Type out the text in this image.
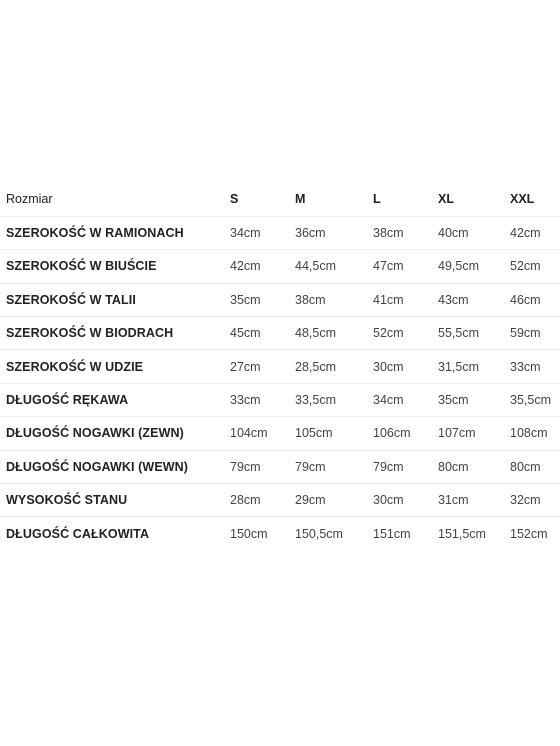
Rozmiar	S	M	L	XL	XXL
SZEROKOŚĆ W RAMIONACH	34cm	36cm	38cm	40cm	42cm
SZEROKOŚĆ W BIUŚCIE	42cm	44,5cm	47cm	49,5cm	52cm
SZEROKOŚĆ W TALII	35cm	38cm	41cm	43cm	46cm
SZEROKOŚĆ W BIODRACH	45cm	48,5cm	52cm	55,5cm	59cm
SZEROKOŚĆ W UDZIE	27cm	28,5cm	30cm	31,5cm	33cm
DŁUGOŚĆ RĘKAWA	33cm	33,5cm	34cm	35cm	35,5cm
DŁUGOŚĆ NOGAWKI (ZEWN)	104cm	105cm	106cm	107cm	108cm
DŁUGOŚĆ NOGAWKI (WEWN)	79cm	79cm	79cm	80cm	80cm
WYSOKOŚĆ STANU	28cm	29cm	30cm	31cm	32cm
DŁUGOŚĆ CAŁKOWITA	150cm	150,5cm	151cm	151,5cm	152cm
